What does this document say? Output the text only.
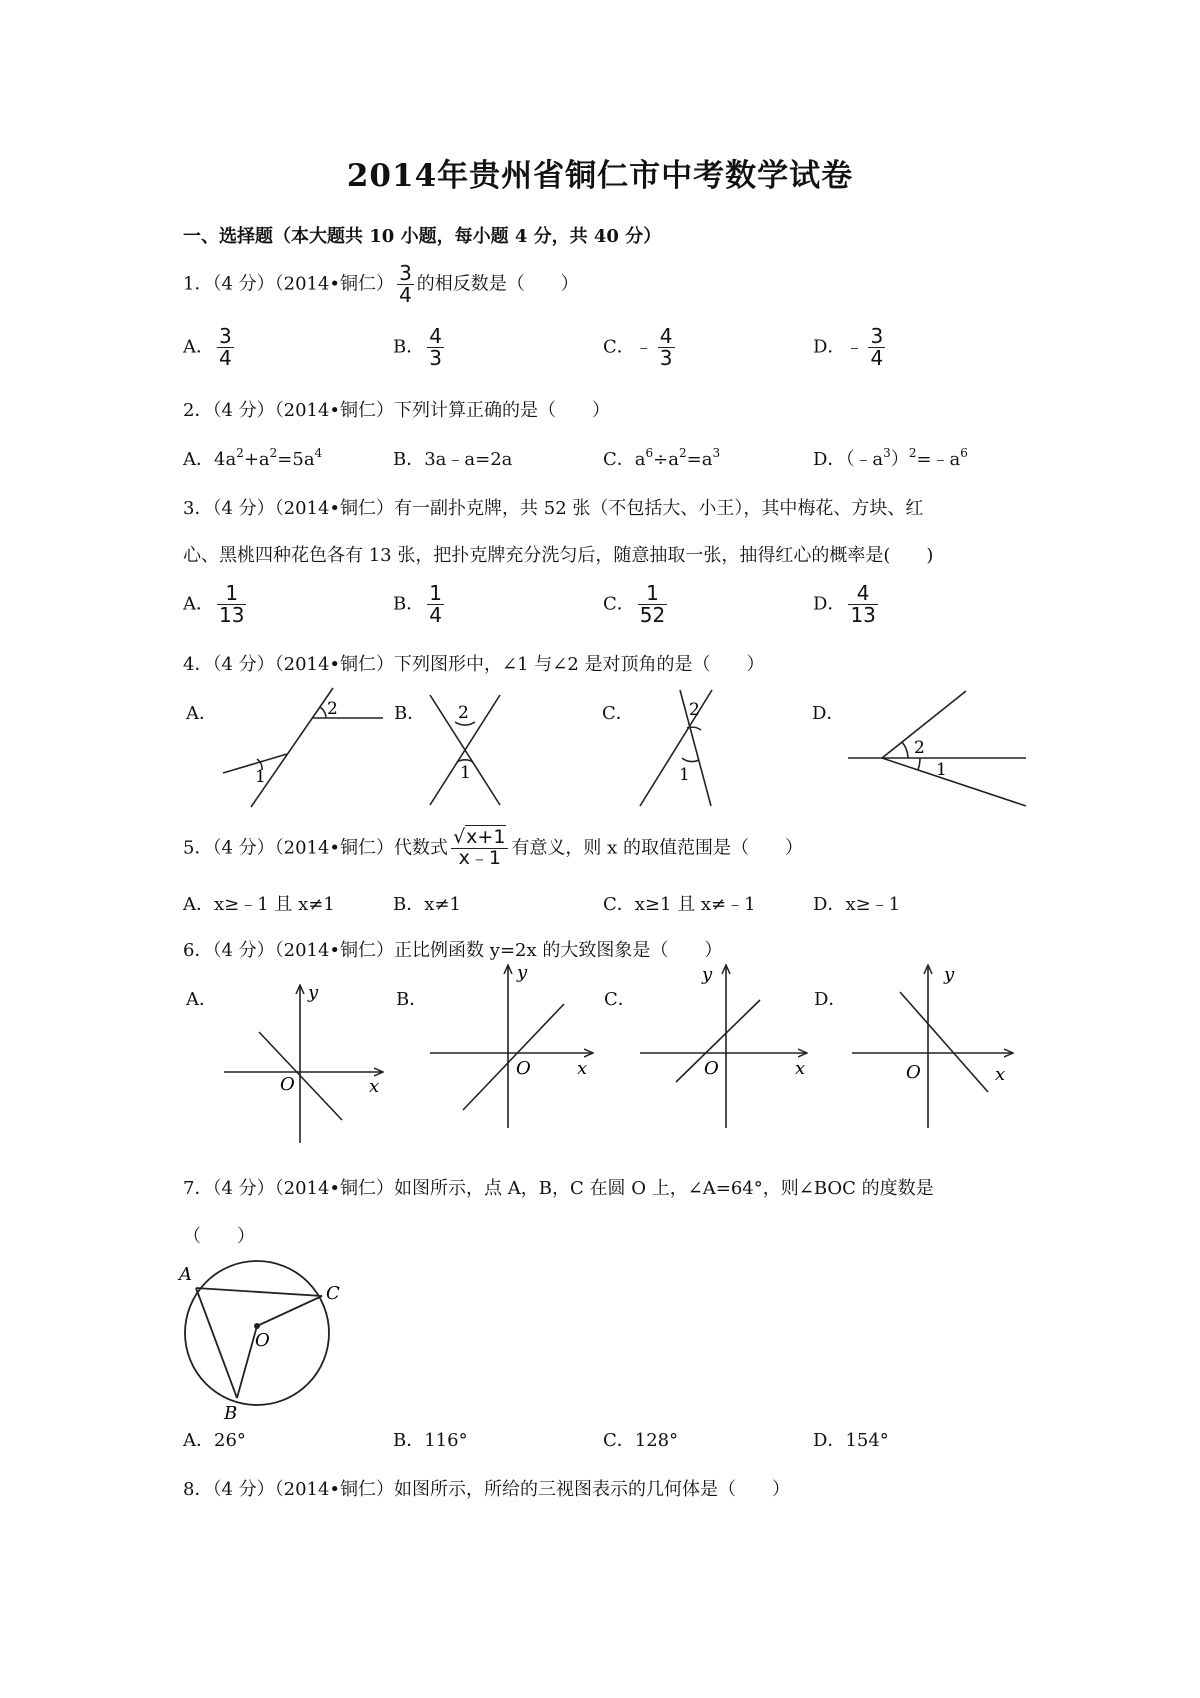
2014年贵州省铜仁市中考数学试卷
一、选择题（本大题共 10 小题，每小题 4 分，共 40 分）
1．（4 分）（2014•铜仁） $\frac{3}{4}$ 的相反数是（　　）
A． $\frac{3}{4}$	B． $\frac{4}{3}$	C．﹣ $\frac{4}{3}$	D．﹣ $\frac{3}{4}$
2．（4 分）（2014•铜仁）下列计算正确的是（　　）
A．$4a^2+a^2=5a^4$	B．3a﹣a=2a	C．$a^6\div a^2=a^3$	D．$(﹣a^3)^2=﹣a^6$
3．（4 分）（2014•铜仁）有一副扑克牌，共 52 张（不包括大、小王），其中梅花、方块、红
心、黑桃四种花色各有 13 张，把扑克牌充分洗匀后，随意抽取一张，抽得红心的概率是(　　)
A． $\frac{1}{13}$	B． $\frac{1}{4}$	C． $\frac{1}{52}$	D． $\frac{4}{13}$
4．（4 分）（2014•铜仁）下列图形中，∠1 与∠2 是对顶角的是（　　）
A．	B．	C．	D．
1
2	2
1
2
1
2
1
5．（4 分）（2014•铜仁）代数式 $\frac{√x+1}{x﹣1}$ 有意义，则 x 的取值范围是（　　）
A．x≥﹣1 且 x≠1	B．x≠1	C．x≥1 且 x≠﹣1	D．x≥﹣1
6．（4 分）（2014•铜仁）正比例函数 y=2x 的大致图象是（　　）
A．	B．	C．	D．
y
x
O
y
x
O
y
x
O
y
x
O
7．（4 分）（2014•铜仁）如图所示，点 A，B，C 在圆 O 上，∠A=64°，则∠BOC 的度数是
（　　）
A
C
O
B
A．26°	B．116°	C．128°	D．154°
8．（4 分）（2014•铜仁）如图所示，所给的三视图表示的几何体是（　　）
